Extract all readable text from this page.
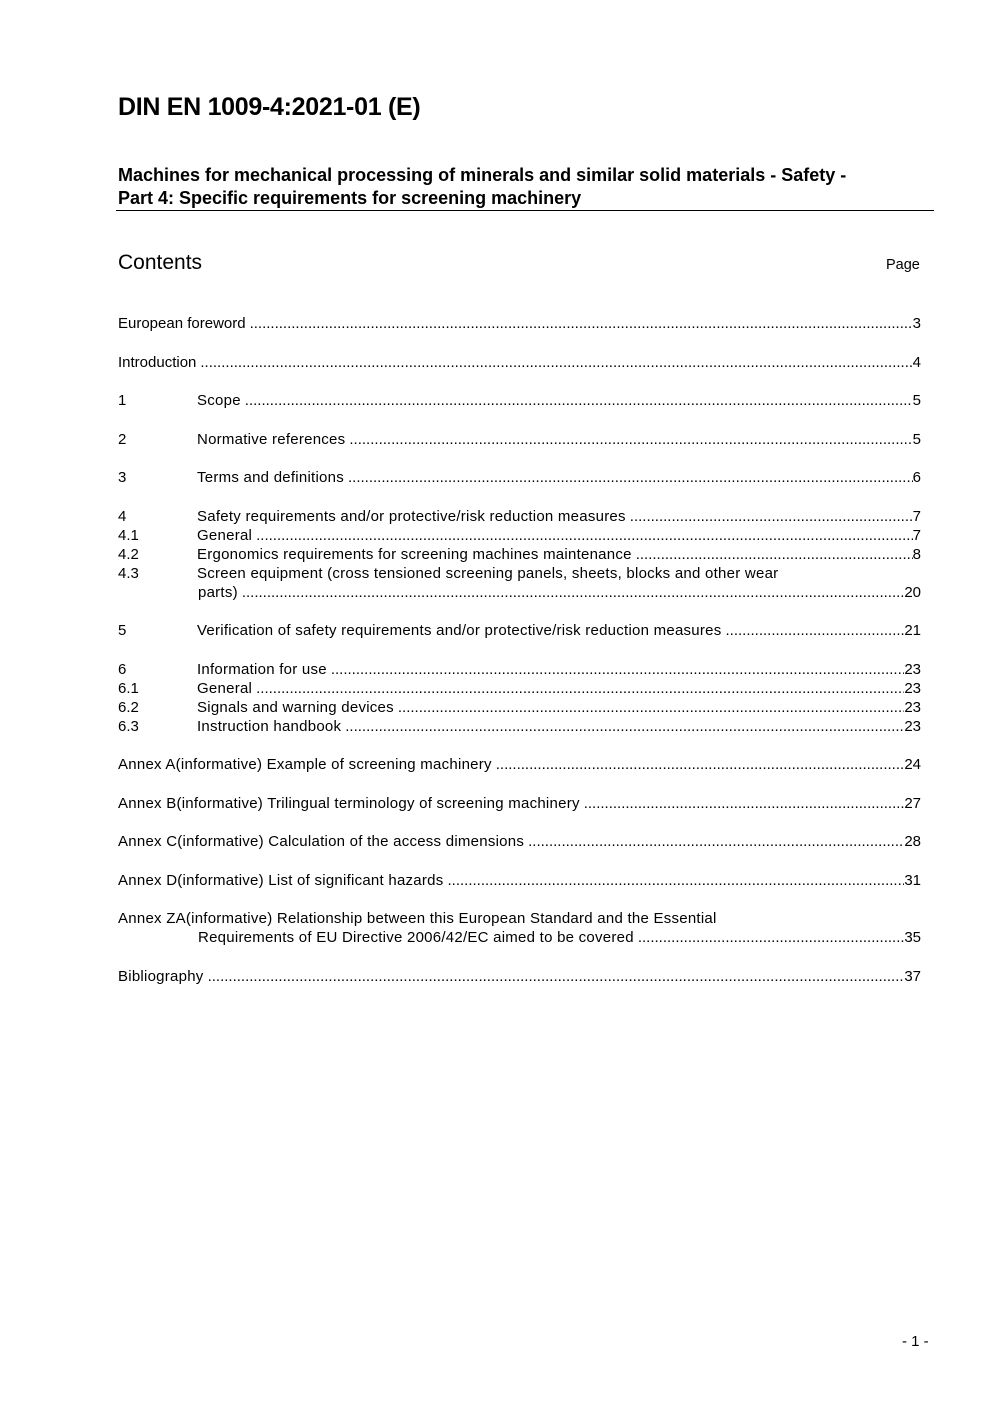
DIN EN 1009-4:2021-01 (E)
Machines for mechanical processing of minerals and similar solid materials - Safety -
Part 4: Specific requirements for screening machinery
Contents	Page
European foreword .....	3
Introduction .....	4
1	Scope .....	5
2	Normative references .....	5
3	Terms and definitions .....	6
4	Safety requirements and/or protective/risk reduction measures .....	7
4.1	General .....	7
4.2	Ergonomics requirements for screening machines maintenance .....	8
4.3	Screen equipment (cross tensioned screening panels, sheets, blocks and other wear
parts) .....	20
5	Verification of safety requirements and/or protective/risk reduction measures .....	21
6	Information for use .....	23
6.1	General .....	23
6.2	Signals and warning devices .....	23
6.3	Instruction handbook .....	23
Annex A(informative) Example of screening machinery .....	24
Annex B(informative) Trilingual terminology of screening machinery .....	27
Annex C(informative) Calculation of the access dimensions .....	28
Annex D(informative) List of significant hazards .....	31
Annex ZA(informative) Relationship between this European Standard and the Essential
Requirements of EU Directive 2006/42/EC aimed to be covered .....	35
Bibliography .....	37
- 1 -
